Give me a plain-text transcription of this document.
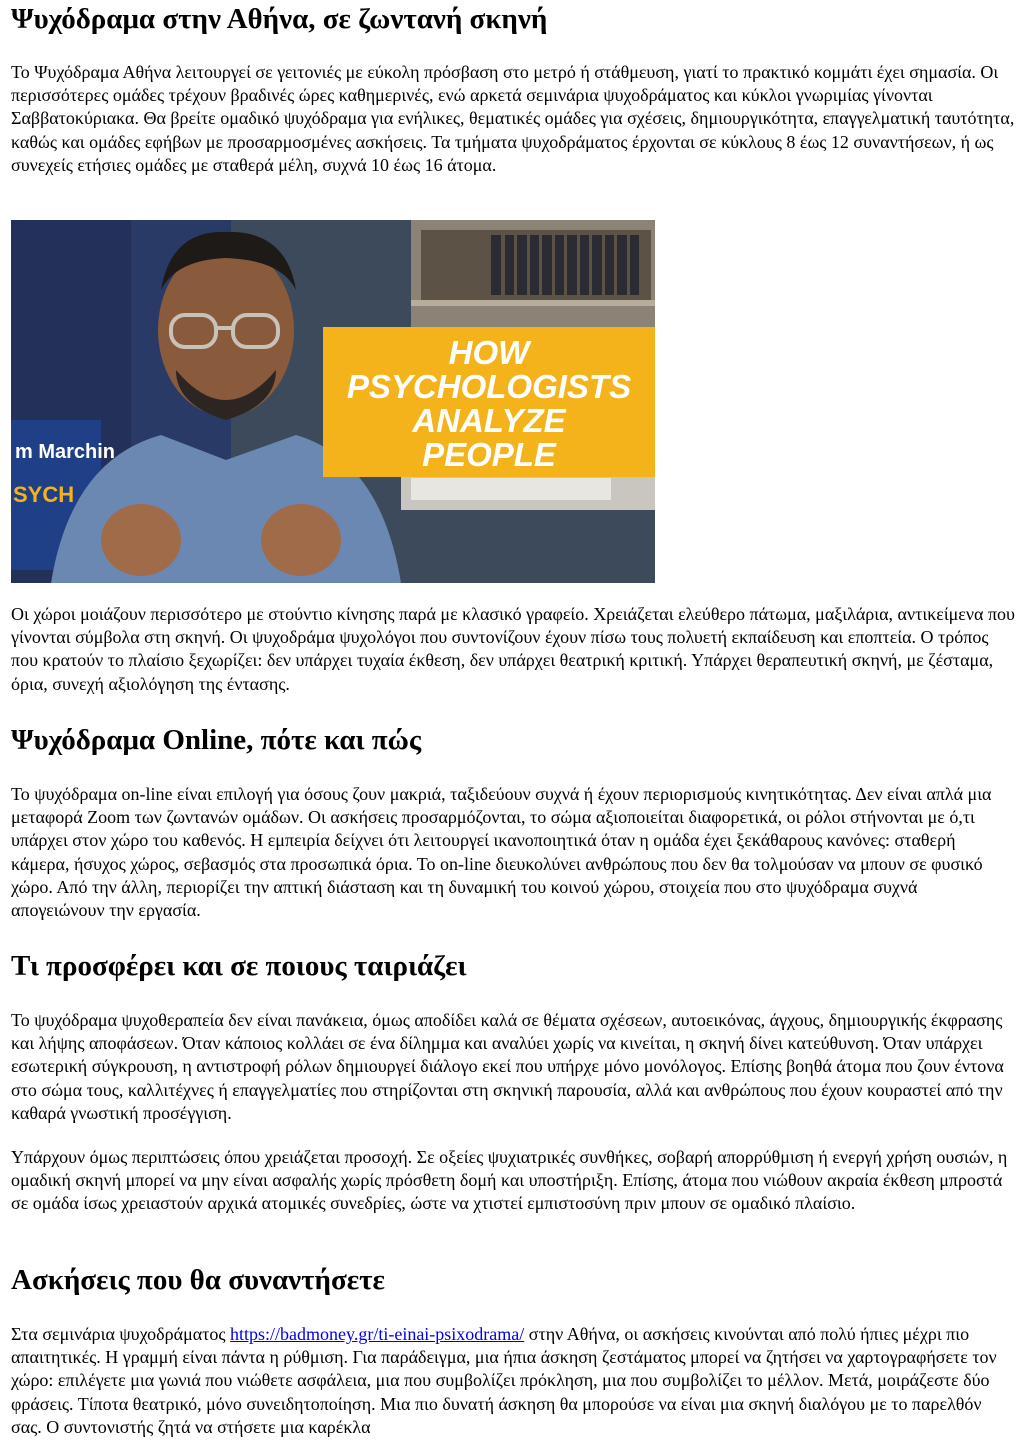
Ψυχόδραμα στην Αθήνα, σε ζωντανή σκηνή

Το Ψυχόδραμα Αθήνα λειτουργεί σε γειτονιές με εύκολη πρόσβαση στο μετρό ή στάθμευση, γιατί το πρακτικό κομμάτι έχει σημασία. Οι περισσότερες ομάδες τρέχουν βραδινές ώρες καθημερινές, ενώ αρκετά σεμινάρια ψυχοδράματος και κύκλοι γνωριμίας γίνονται Σαββατοκύριακα. Θα βρείτε ομαδικό ψυχόδραμα για ενήλικες, θεματικές ομάδες για σχέσεις, δημιουργικότητα, επαγγελματική ταυτότητα, καθώς και ομάδες εφήβων με προσαρμοσμένες ασκήσεις. Τα τμήματα ψυχοδράματος έρχονται σε κύκλους 8 έως 12 συναντήσεων, ή ως συνεχείς ετήσιες ομάδες με σταθερά μέλη, συχνά 10 έως 16 άτομα.

m Marchin
SYCH
HOW
PSYCHOLOGISTS
ANALYZE
PEOPLE

Οι χώροι μοιάζουν περισσότερο με στούντιο κίνησης παρά με κλασικό γραφείο. Χρειάζεται ελεύθερο πάτωμα, μαξιλάρια, αντικείμενα που γίνονται σύμβολα στη σκηνή. Οι ψυχοδράμα ψυχολόγοι που συντονίζουν έχουν πίσω τους πολυετή εκπαίδευση και εποπτεία. Ο τρόπος που κρατούν το πλαίσιο ξεχωρίζει: δεν υπάρχει τυχαία έκθεση, δεν υπάρχει θεατρική κριτική. Υπάρχει θεραπευτική σκηνή, με ζέσταμα, όρια, συνεχή αξιολόγηση της έντασης.

Ψυχόδραμα Online, πότε και πώς

Το ψυχόδραμα on-line είναι επιλογή για όσους ζουν μακριά, ταξιδεύουν συχνά ή έχουν περιορισμούς κινητικότητας. Δεν είναι απλά μια μεταφορά Zoom των ζωντανών ομάδων. Οι ασκήσεις προσαρμόζονται, το σώμα αξιοποιείται διαφορετικά, οι ρόλοι στήνονται με ό,τι υπάρχει στον χώρο του καθενός. Η εμπειρία δείχνει ότι λειτουργεί ικανοποιητικά όταν η ομάδα έχει ξεκάθαρους κανόνες: σταθερή κάμερα, ήσυχος χώρος, σεβασμός στα προσωπικά όρια. Το on-line διευκολύνει ανθρώπους που δεν θα τολμούσαν να μπουν σε φυσικό χώρο. Από την άλλη, περιορίζει την απτική διάσταση και τη δυναμική του κοινού χώρου, στοιχεία που στο ψυχόδραμα συχνά απογειώνουν την εργασία.

Τι προσφέρει και σε ποιους ταιριάζει

Το ψυχόδραμα ψυχοθεραπεία δεν είναι πανάκεια, όμως αποδίδει καλά σε θέματα σχέσεων, αυτοεικόνας, άγχους, δημιουργικής έκφρασης και λήψης αποφάσεων. Όταν κάποιος κολλάει σε ένα δίλημμα και αναλύει χωρίς να κινείται, η σκηνή δίνει κατεύθυνση. Όταν υπάρχει εσωτερική σύγκρουση, η αντιστροφή ρόλων δημιουργεί διάλογο εκεί που υπήρχε μόνο μονόλογος. Επίσης βοηθά άτομα που ζουν έντονα στο σώμα τους, καλλιτέχνες ή επαγγελματίες που στηρίζονται στη σκηνική παρουσία, αλλά και ανθρώπους που έχουν κουραστεί από την καθαρά γνωστική προσέγγιση.

Υπάρχουν όμως περιπτώσεις όπου χρειάζεται προσοχή. Σε οξείες ψυχιατρικές συνθήκες, σοβαρή απορρύθμιση ή ενεργή χρήση ουσιών, η ομαδική σκηνή μπορεί να μην είναι ασφαλής χωρίς πρόσθετη δομή και υποστήριξη. Επίσης, άτομα που νιώθουν ακραία έκθεση μπροστά σε ομάδα ίσως χρειαστούν αρχικά ατομικές συνεδρίες, ώστε να χτιστεί εμπιστοσύνη πριν μπουν σε ομαδικό πλαίσιο.

Ασκήσεις που θα συναντήσετε

Στα σεμινάρια ψυχοδράματος https://badmoney.gr/ti-einai-psixodrama/ στην Αθήνα, οι ασκήσεις κινούνται από πολύ ήπιες μέχρι πιο απαιτητικές. Η γραμμή είναι πάντα η ρύθμιση. Για παράδειγμα, μια ήπια άσκηση ζεστάματος μπορεί να ζητήσει να χαρτογραφήσετε τον χώρο: επιλέγετε μια γωνιά που νιώθετε ασφάλεια, μια που συμβολίζει πρόκληση, μια που συμβολίζει το μέλλον. Μετά, μοιράζεστε δύο φράσεις. Τίποτα θεατρικό, μόνο συνειδητοποίηση. Μια πιο δυνατή άσκηση θα μπορούσε να είναι μια σκηνή διαλόγου με το παρελθόν σας. Ο συντονιστής ζητά να στήσετε μια καρέκλα
